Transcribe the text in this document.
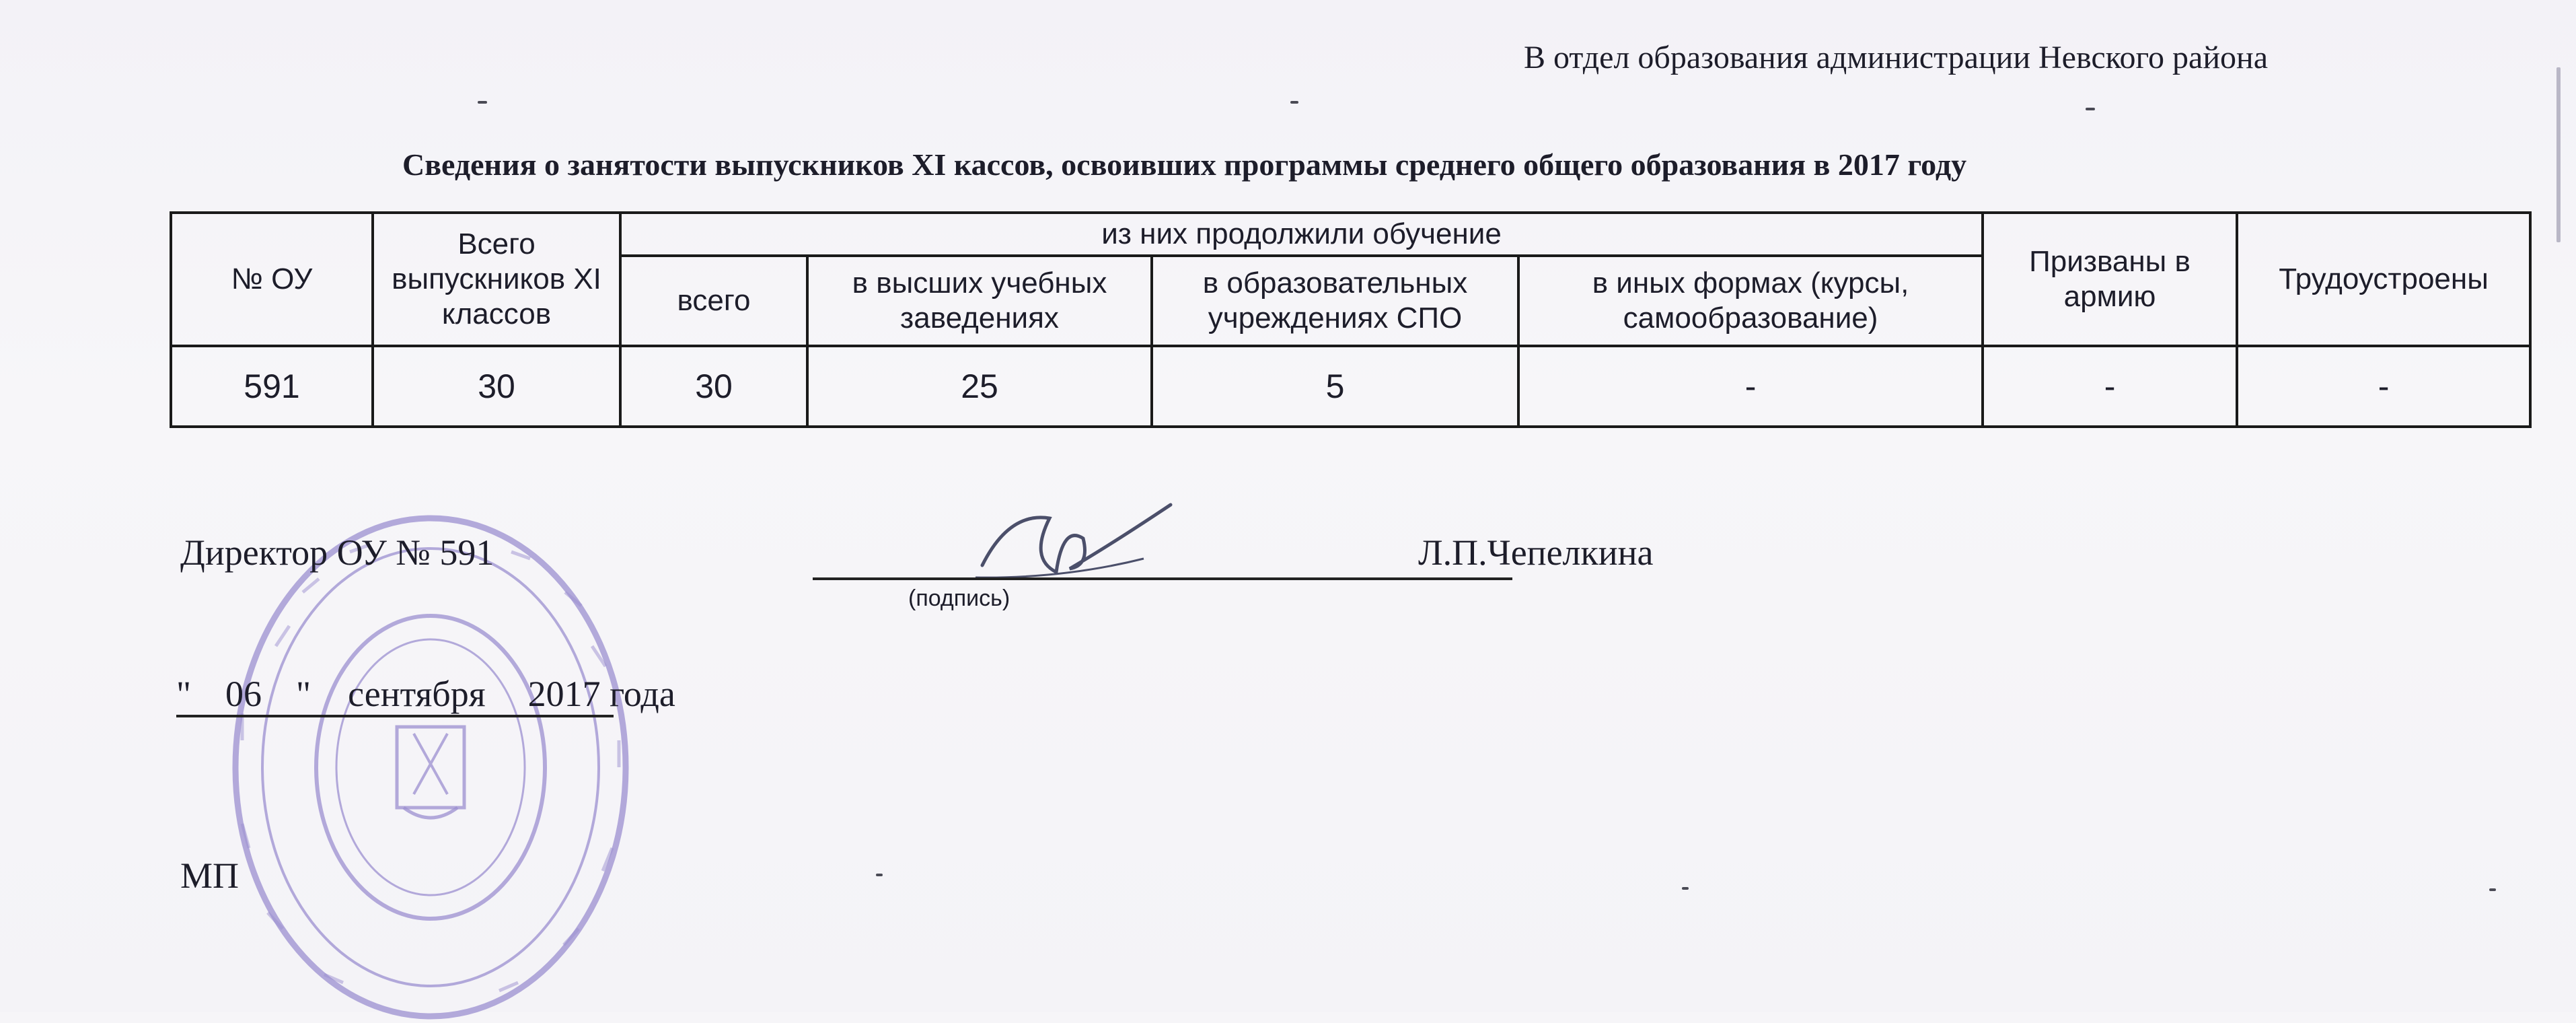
В отдел образования администрации Невского района
Сведения о занятости выпускников XI кассов, освоивших программы среднего общего образования в 2017 году
№ ОУ	Всего выпускников XI классов	из них продолжили обучение				Призваны в армию	Трудоустроены
		всего	в высших учебных заведениях	в образовательных учреждениях СПО	в иных формах (курсы, самообразование)		
591	30	30	25	5	-	-	-
Директор ОУ № 591	Л.П.Чепелкина
(подпись)
" 06 " сентября 2017 года
МП
